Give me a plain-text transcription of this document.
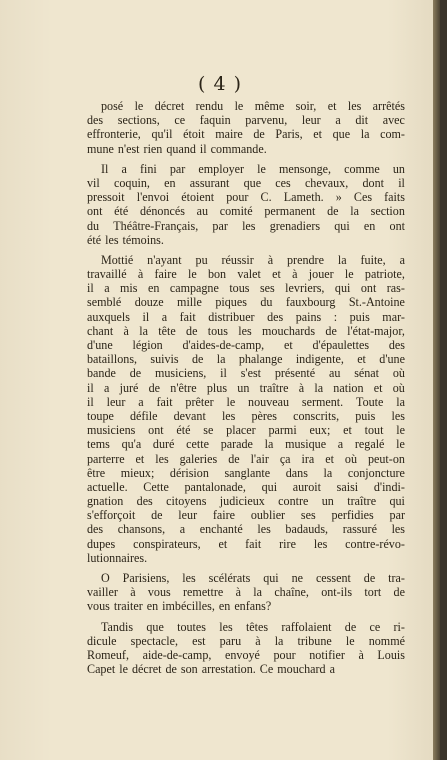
( 4 )
posé le décret rendu le même soir, et les arrêtés
des sections, ce faquin parvenu, leur a dit avec
effronterie, qu'il étoit maire de Paris, et que la com-
mune n'est rien quand il commande.
Il a fini par employer le mensonge, comme un
vil coquin, en assurant que ces chevaux, dont il
pressoit l'envoi étoient pour C. Lameth. » Ces faits
ont été dénoncés au comité permanent de la section
du Théâtre-Français, par les grenadiers qui en ont
été les témoins.
Mottié n'ayant pu réussir à prendre la fuite, a
travaillé à faire le bon valet et à jouer le patriote,
il a mis en campagne tous ses levriers, qui ont ras-
semblé douze mille piques du fauxbourg St.-Antoine
auxquels il a fait distribuer des pains : puis mar-
chant à la tête de tous les mouchards de l'état-major,
d'une légion d'aides-de-camp, et d'épaulettes des
bataillons, suivis de la phalange indigente, et d'une
bande de musiciens, il s'est présenté au sénat où
il a juré de n'être plus un traître à la nation et où
il leur a fait prêter le nouveau serment. Toute la
toupe défile devant les pères conscrits, puis les
musiciens ont été se placer parmi eux; et tout le
tems qu'a duré cette parade la musique a regalé le
parterre et les galeries de l'air ça ira et où peut-on
être mieux; dérision sanglante dans la conjoncture
actuelle. Cette pantalonade, qui auroit saisi d'indi-
gnation des citoyens judicieux contre un traître qui
s'efforçoit de leur faire oublier ses perfidies par
des chansons, a enchanté les badauds, rassuré les
dupes conspirateurs, et fait rire les contre-révo-
lutionnaires.
O Parisiens, les scélérats qui ne cessent de tra-
vailler à vous remettre à la chaîne, ont-ils tort de
vous traiter en imbécilles, en enfans?
Tandis que toutes les têtes raffolaient de ce ri-
dicule spectacle, est paru à la tribune le nommé
Romeuf, aide-de-camp, envoyé pour notifier à Louis
Capet le décret de son arrestation. Ce mouchard a
